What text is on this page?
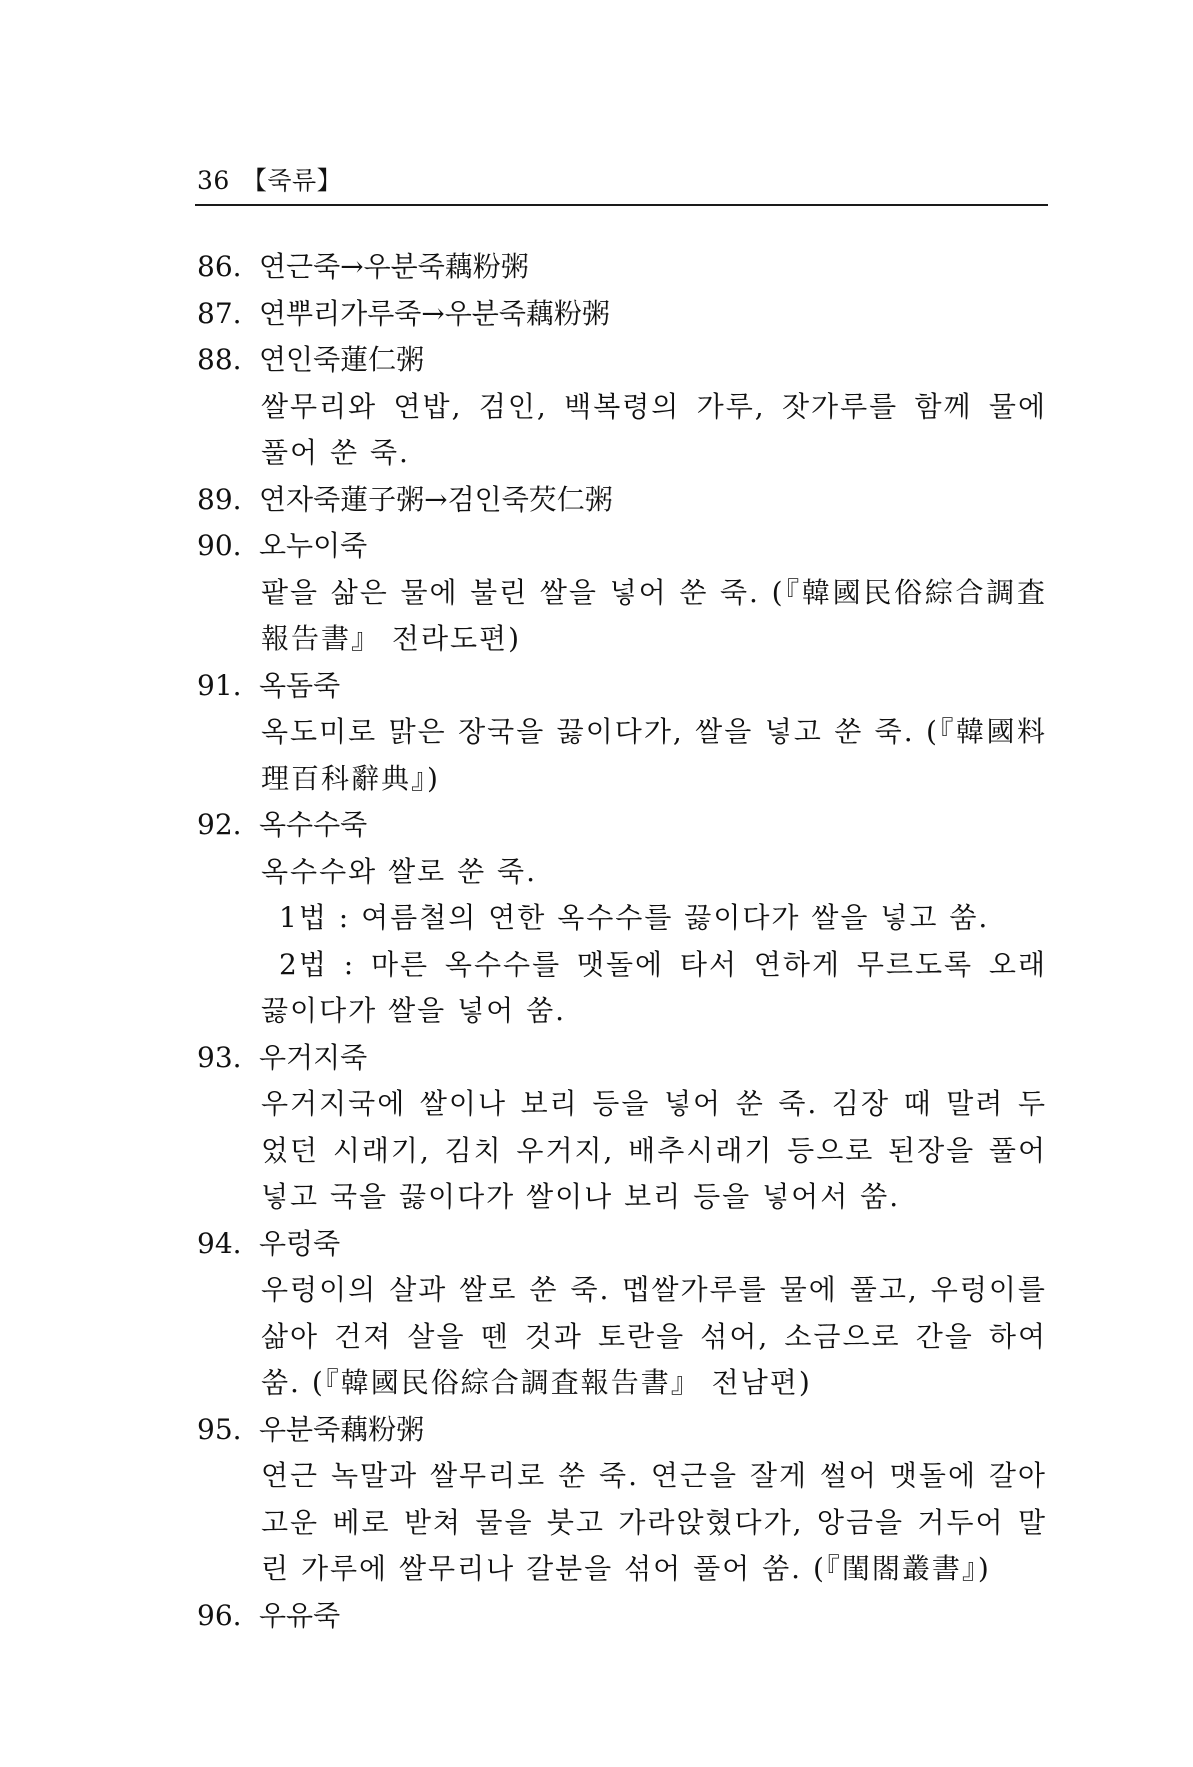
36 【죽류】
86. 연근죽→우분죽藕粉粥
87. 연뿌리가루죽→우분죽藕粉粥
88. 연인죽蓮仁粥

쌀무리와 연밥, 검인, 백복령의 가루, 잣가루를 함께 물에 풀어 쑨 죽.

89. 연자죽蓮子粥→검인죽芡仁粥
90. 오누이죽

팥을 삶은 물에 불린 쌀을 넣어 쑨 죽. (『韓國民俗綜合調査報告書』 전라도편)

91. 옥돔죽

옥도미로 맑은 장국을 끓이다가, 쌀을 넣고 쑨 죽. (『韓國料理百科辭典』)

92. 옥수수죽

옥수수와 쌀로 쑨 죽.

1법 : 여름철의 연한 옥수수를 끓이다가 쌀을 넣고 쑴.

2법 : 마른 옥수수를 맷돌에 타서 연하게 무르도록 오래 끓이다가 쌀을 넣어 쑴.

93. 우거지죽

우거지국에 쌀이나 보리 등을 넣어 쑨 죽. 김장 때 말려 두었던 시래기, 김치 우거지, 배추시래기 등으로 된장을 풀어 넣고 국을 끓이다가 쌀이나 보리 등을 넣어서 쑴.

94. 우렁죽

우렁이의 살과 쌀로 쑨 죽. 멥쌀가루를 물에 풀고, 우렁이를 삶아 건져 살을 뗀 것과 토란을 섞어, 소금으로 간을 하여 쑴. (『韓國民俗綜合調査報告書』 전남편)

95. 우분죽藕粉粥

연근 녹말과 쌀무리로 쑨 죽. 연근을 잘게 썰어 맷돌에 갈아 고운 베로 받쳐 물을 붓고 가라앉혔다가, 앙금을 거두어 말린 가루에 쌀무리나 갈분을 섞어 풀어 쑴. (『閨閤叢書』)

96. 우유죽
